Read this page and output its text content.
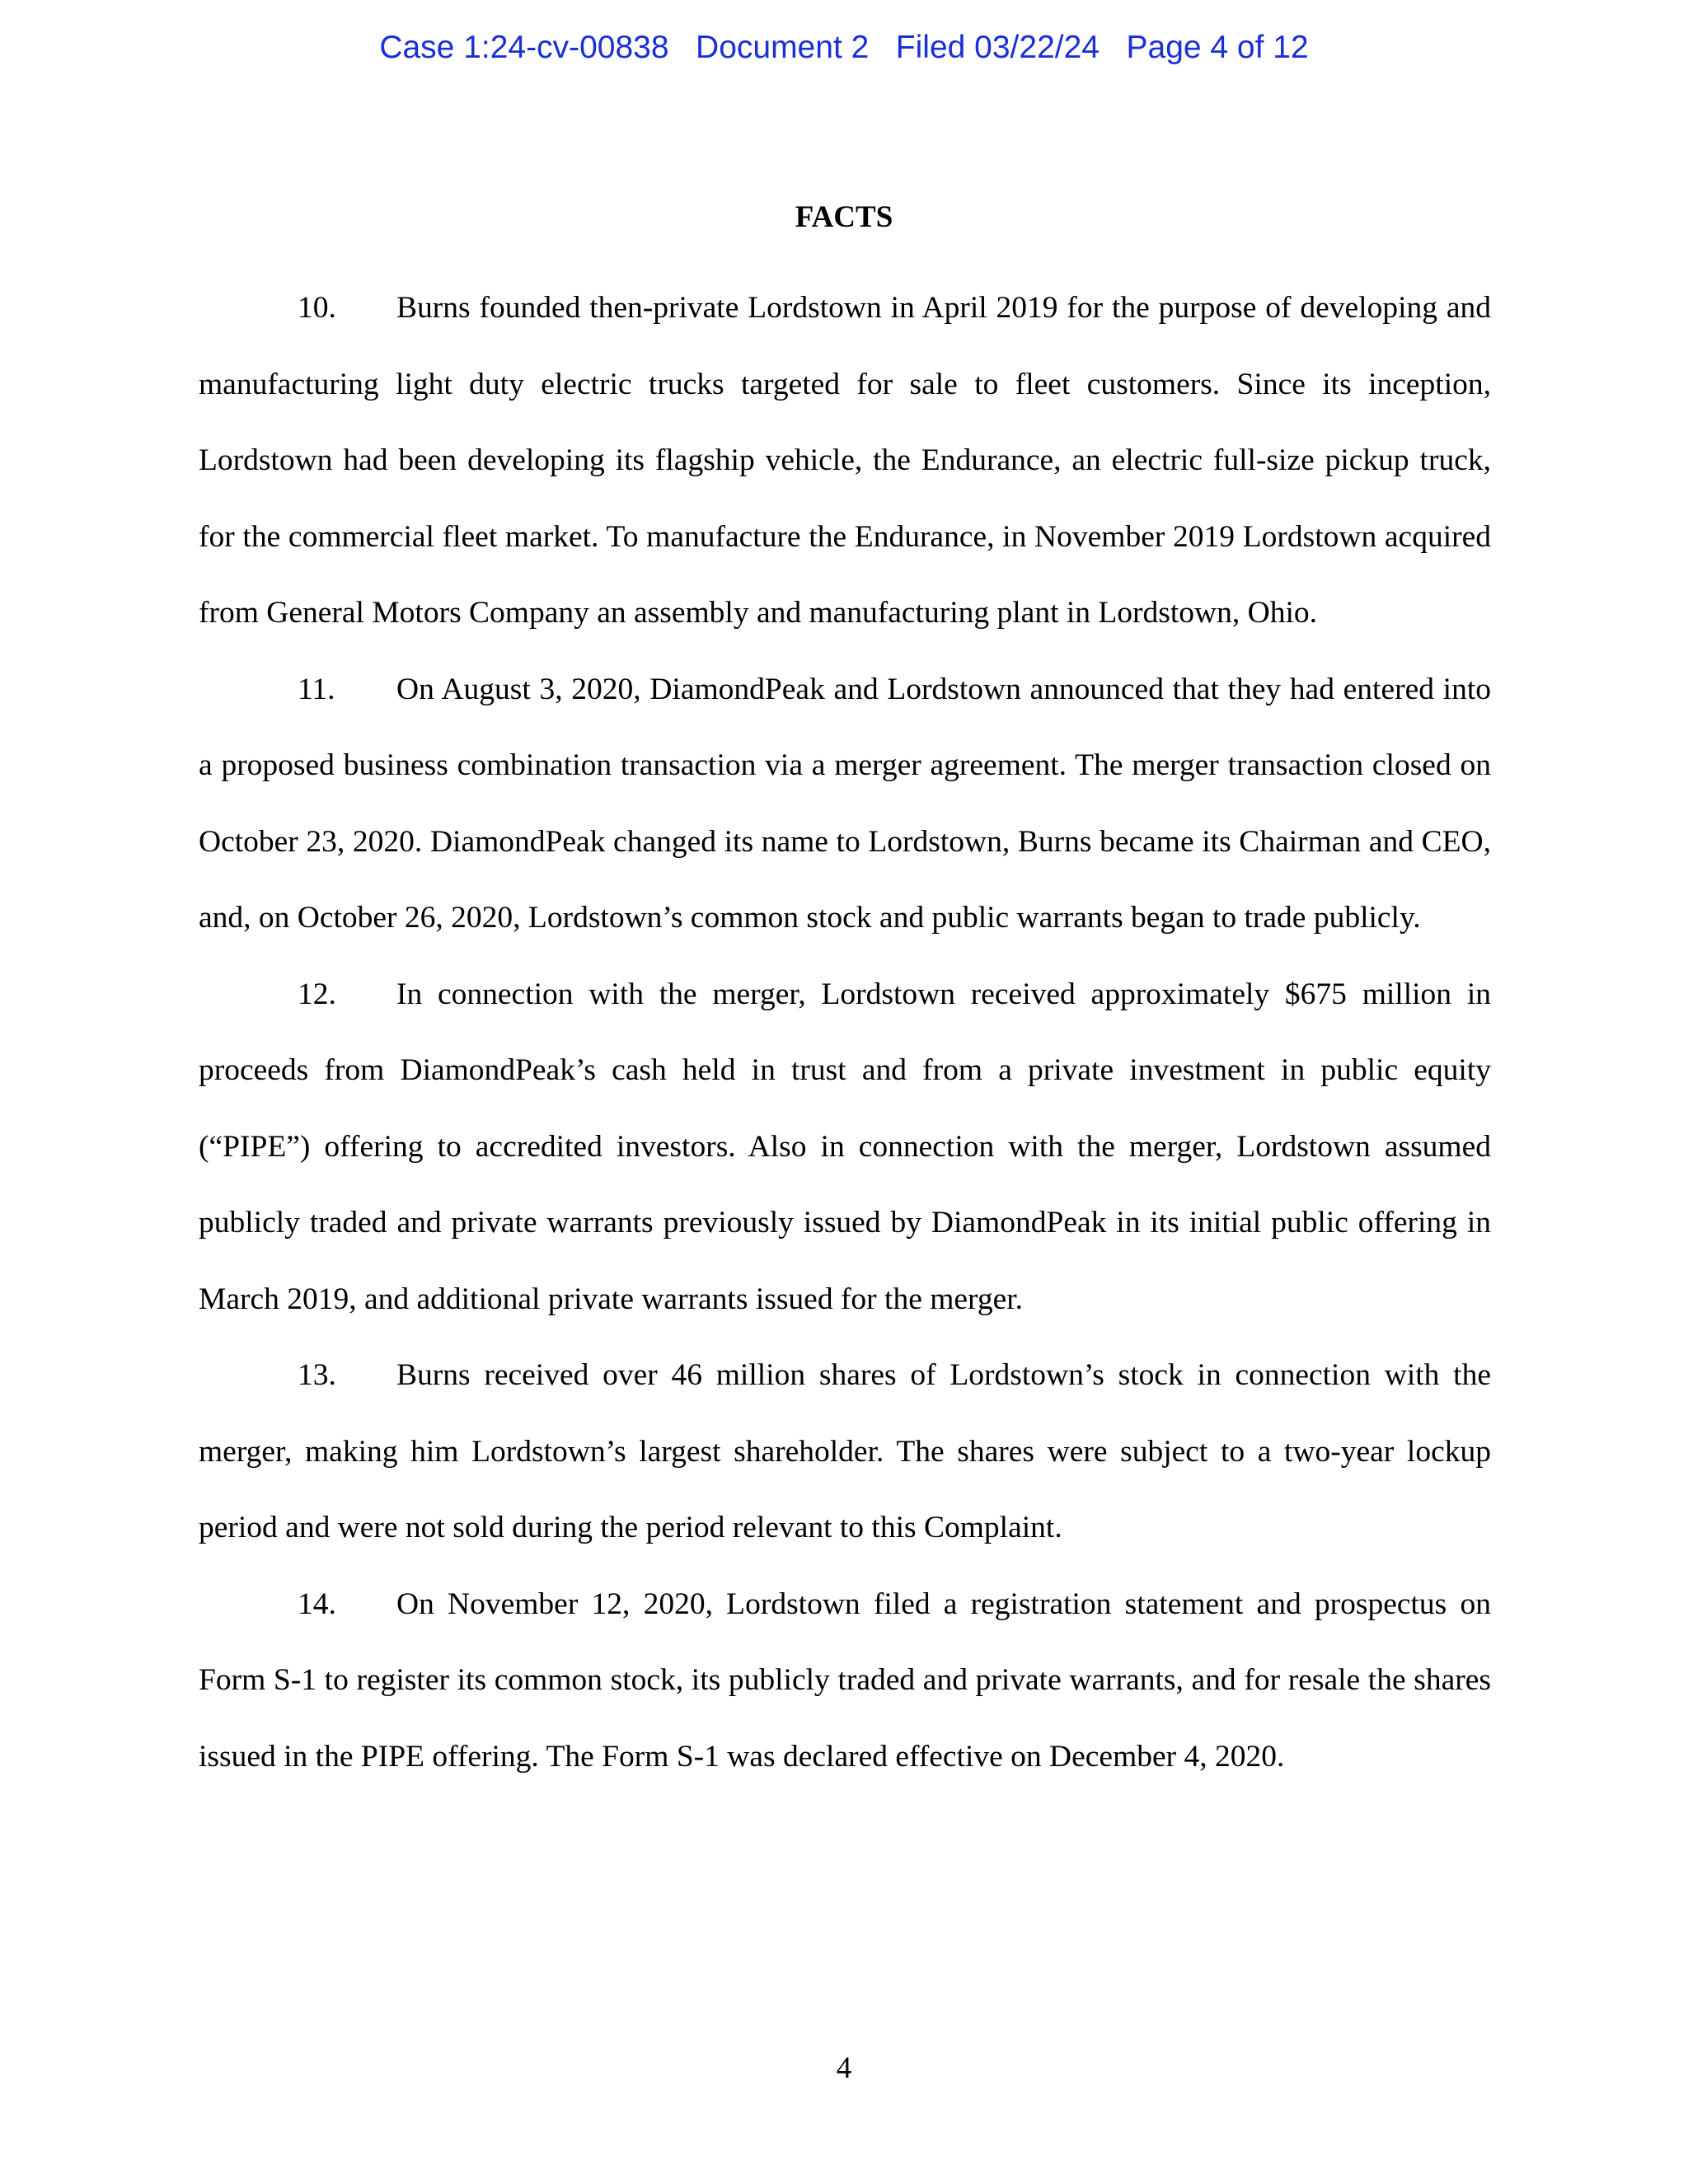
Case 1:24-cv-00838   Document 2   Filed 03/22/24   Page 4 of 12
FACTS

10. Burns founded then-private Lordstown in April 2019 for the purpose of developing and manufacturing light duty electric trucks targeted for sale to fleet customers. Since its inception, Lordstown had been developing its flagship vehicle, the Endurance, an electric full-size pickup truck, for the commercial fleet market. To manufacture the Endurance, in November 2019 Lordstown acquired from General Motors Company an assembly and manufacturing plant in Lordstown, Ohio.

11. On August 3, 2020, DiamondPeak and Lordstown announced that they had entered into a proposed business combination transaction via a merger agreement. The merger transaction closed on October 23, 2020. DiamondPeak changed its name to Lordstown, Burns became its Chairman and CEO, and, on October 26, 2020, Lordstown’s common stock and public warrants began to trade publicly.

12. In connection with the merger, Lordstown received approximately $675 million in proceeds from DiamondPeak’s cash held in trust and from a private investment in public equity (“PIPE”) offering to accredited investors. Also in connection with the merger, Lordstown assumed publicly traded and private warrants previously issued by DiamondPeak in its initial public offering in March 2019, and additional private warrants issued for the merger.

13. Burns received over 46 million shares of Lordstown’s stock in connection with the merger, making him Lordstown’s largest shareholder. The shares were subject to a two-year lockup period and were not sold during the period relevant to this Complaint.

14. On November 12, 2020, Lordstown filed a registration statement and prospectus on Form S-1 to register its common stock, its publicly traded and private warrants, and for resale the shares issued in the PIPE offering. The Form S-1 was declared effective on December 4, 2020.

4
